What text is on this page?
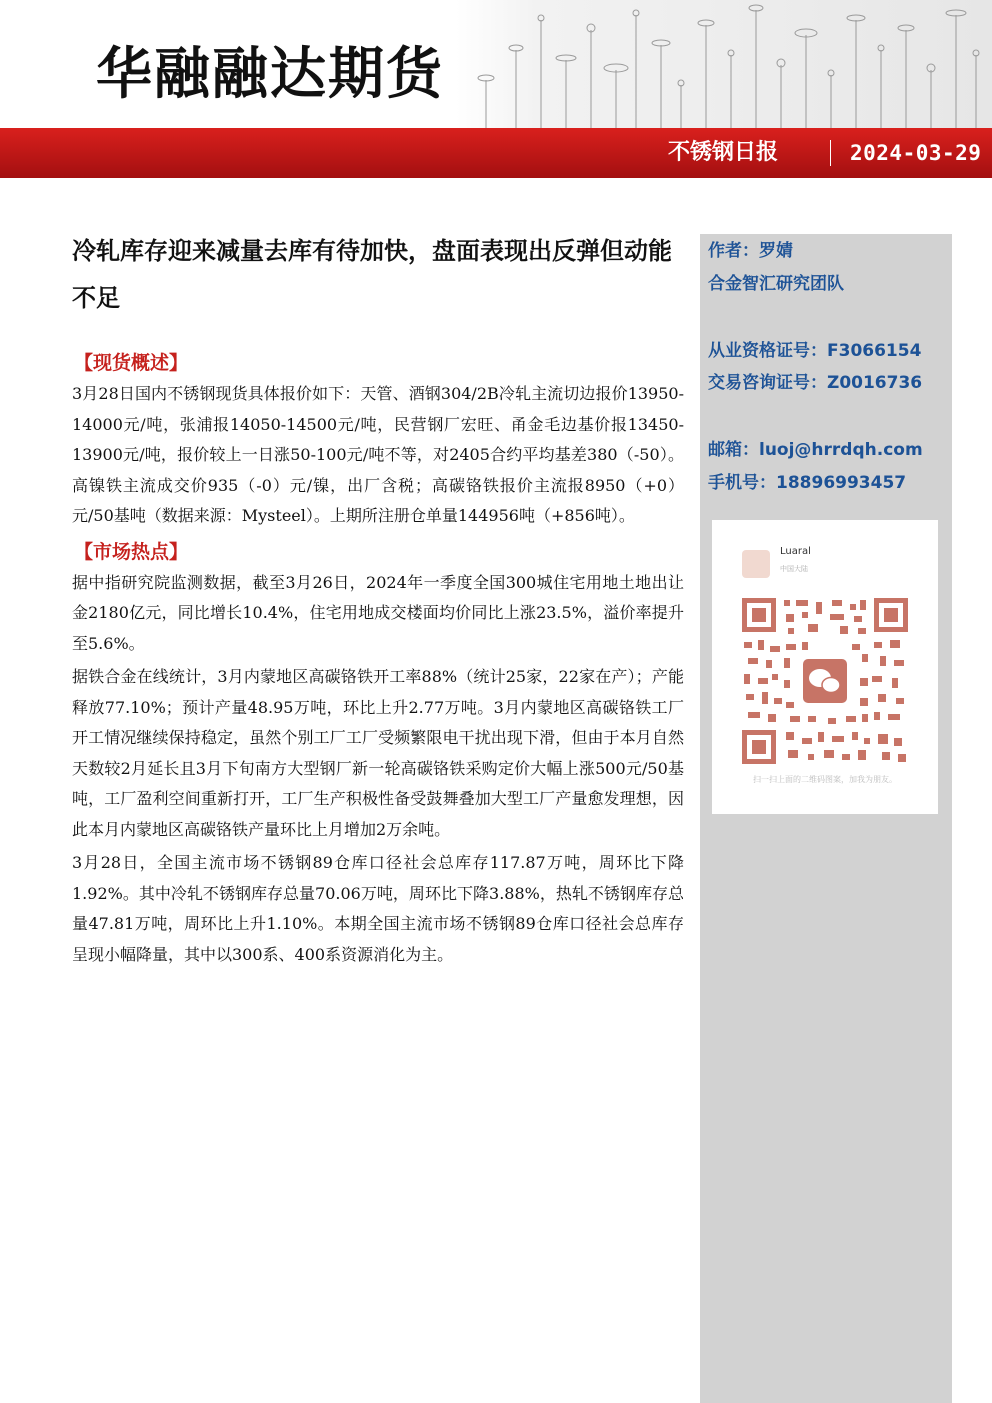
华融融达期货
不锈钢日报	2024-03-29
冷轧库存迎来减量去库有待加快，盘面表现出反弹但动能不足
【现货概述】

3月28日国内不锈钢现货具体报价如下：天管、酒钢304/2B冷轧主流切边报价13950-14000元/吨，张浦报14050-14500元/吨，民营钢厂宏旺、甬金毛边基价报13450-13900元/吨，报价较上一日涨50-100元/吨不等，对2405合约平均基差380（-50）。高镍铁主流成交价935（-0）元/镍，出厂含税；高碳铬铁报价主流报8950（+0）元/50基吨（数据来源：Mysteel）。上期所注册仓单量144956吨（+856吨）。

【市场热点】

据中指研究院监测数据，截至3月26日，2024年一季度全国300城住宅用地土地出让金2180亿元，同比增长10.4%，住宅用地成交楼面均价同比上涨23.5%，溢价率提升至5.6%。

据铁合金在线统计，3月内蒙地区高碳铬铁开工率88%（统计25家，22家在产）；产能释放77.10%；预计产量48.95万吨，环比上升2.77万吨。3月内蒙地区高碳铬铁工厂开工情况继续保持稳定，虽然个别工厂工厂受频繁限电干扰出现下滑，但由于本月自然天数较2月延长且3月下旬南方大型钢厂新一轮高碳铬铁采购定价大幅上涨500元/50基吨，工厂盈利空间重新打开，工厂生产积极性备受鼓舞叠加大型工厂产量愈发理想，因此本月内蒙地区高碳铬铁产量环比上月增加2万余吨。

3月28日，全国主流市场不锈钢89仓库口径社会总库存117.87万吨，周环比下降1.92%。其中冷轧不锈钢库存总量70.06万吨，周环比下降3.88%，热轧不锈钢库存总量47.81万吨，周环比上升1.10%。本期全国主流市场不锈钢89仓库口径社会总库存呈现小幅降量，其中以300系、400系资源消化为主。

作者：罗婧
合金智汇研究团队
从业资格证号：F3066154
交易咨询证号：Z0016736
邮箱：luoj@hrrdqh.com
手机号：18896993457
Luaral
中国大陆
扫一扫上面的二维码图案，加我为朋友。
